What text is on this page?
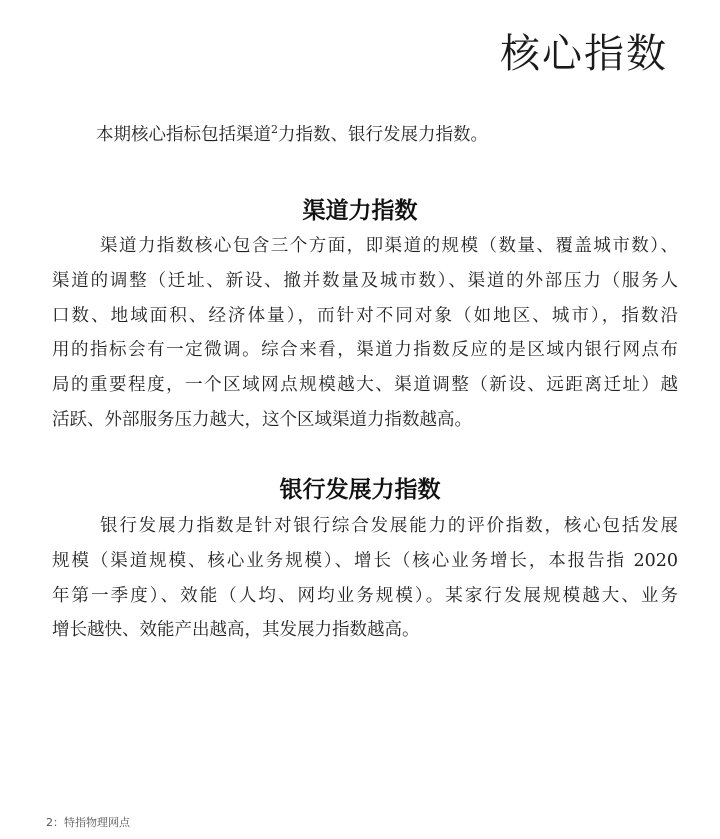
核心指数

本期核心指标包括渠道$^2$力指数、银行发展力指数。

渠道力指数
渠道力指数核心包含三个方面，即渠道的规模（数量、覆盖城市数）、
渠道的调整（迁址、新设、撤并数量及城市数）、渠道的外部压力（服务人
口数、地域面积、经济体量），而针对不同对象（如地区、城市），指数沿
用的指标会有一定微调。综合来看，渠道力指数反应的是区域内银行网点布
局的重要程度，一个区域网点规模越大、渠道调整（新设、远距离迁址）越
活跃、外部服务压力越大，这个区域渠道力指数越高。
银行发展力指数
银行发展力指数是针对银行综合发展能力的评价指数，核心包括发展
规模（渠道规模、核心业务规模）、增长（核心业务增长，本报告指 2020
年第一季度）、效能（人均、网均业务规模）。某家行发展规模越大、业务
增长越快、效能产出越高，其发展力指数越高。

2：特指物理网点
